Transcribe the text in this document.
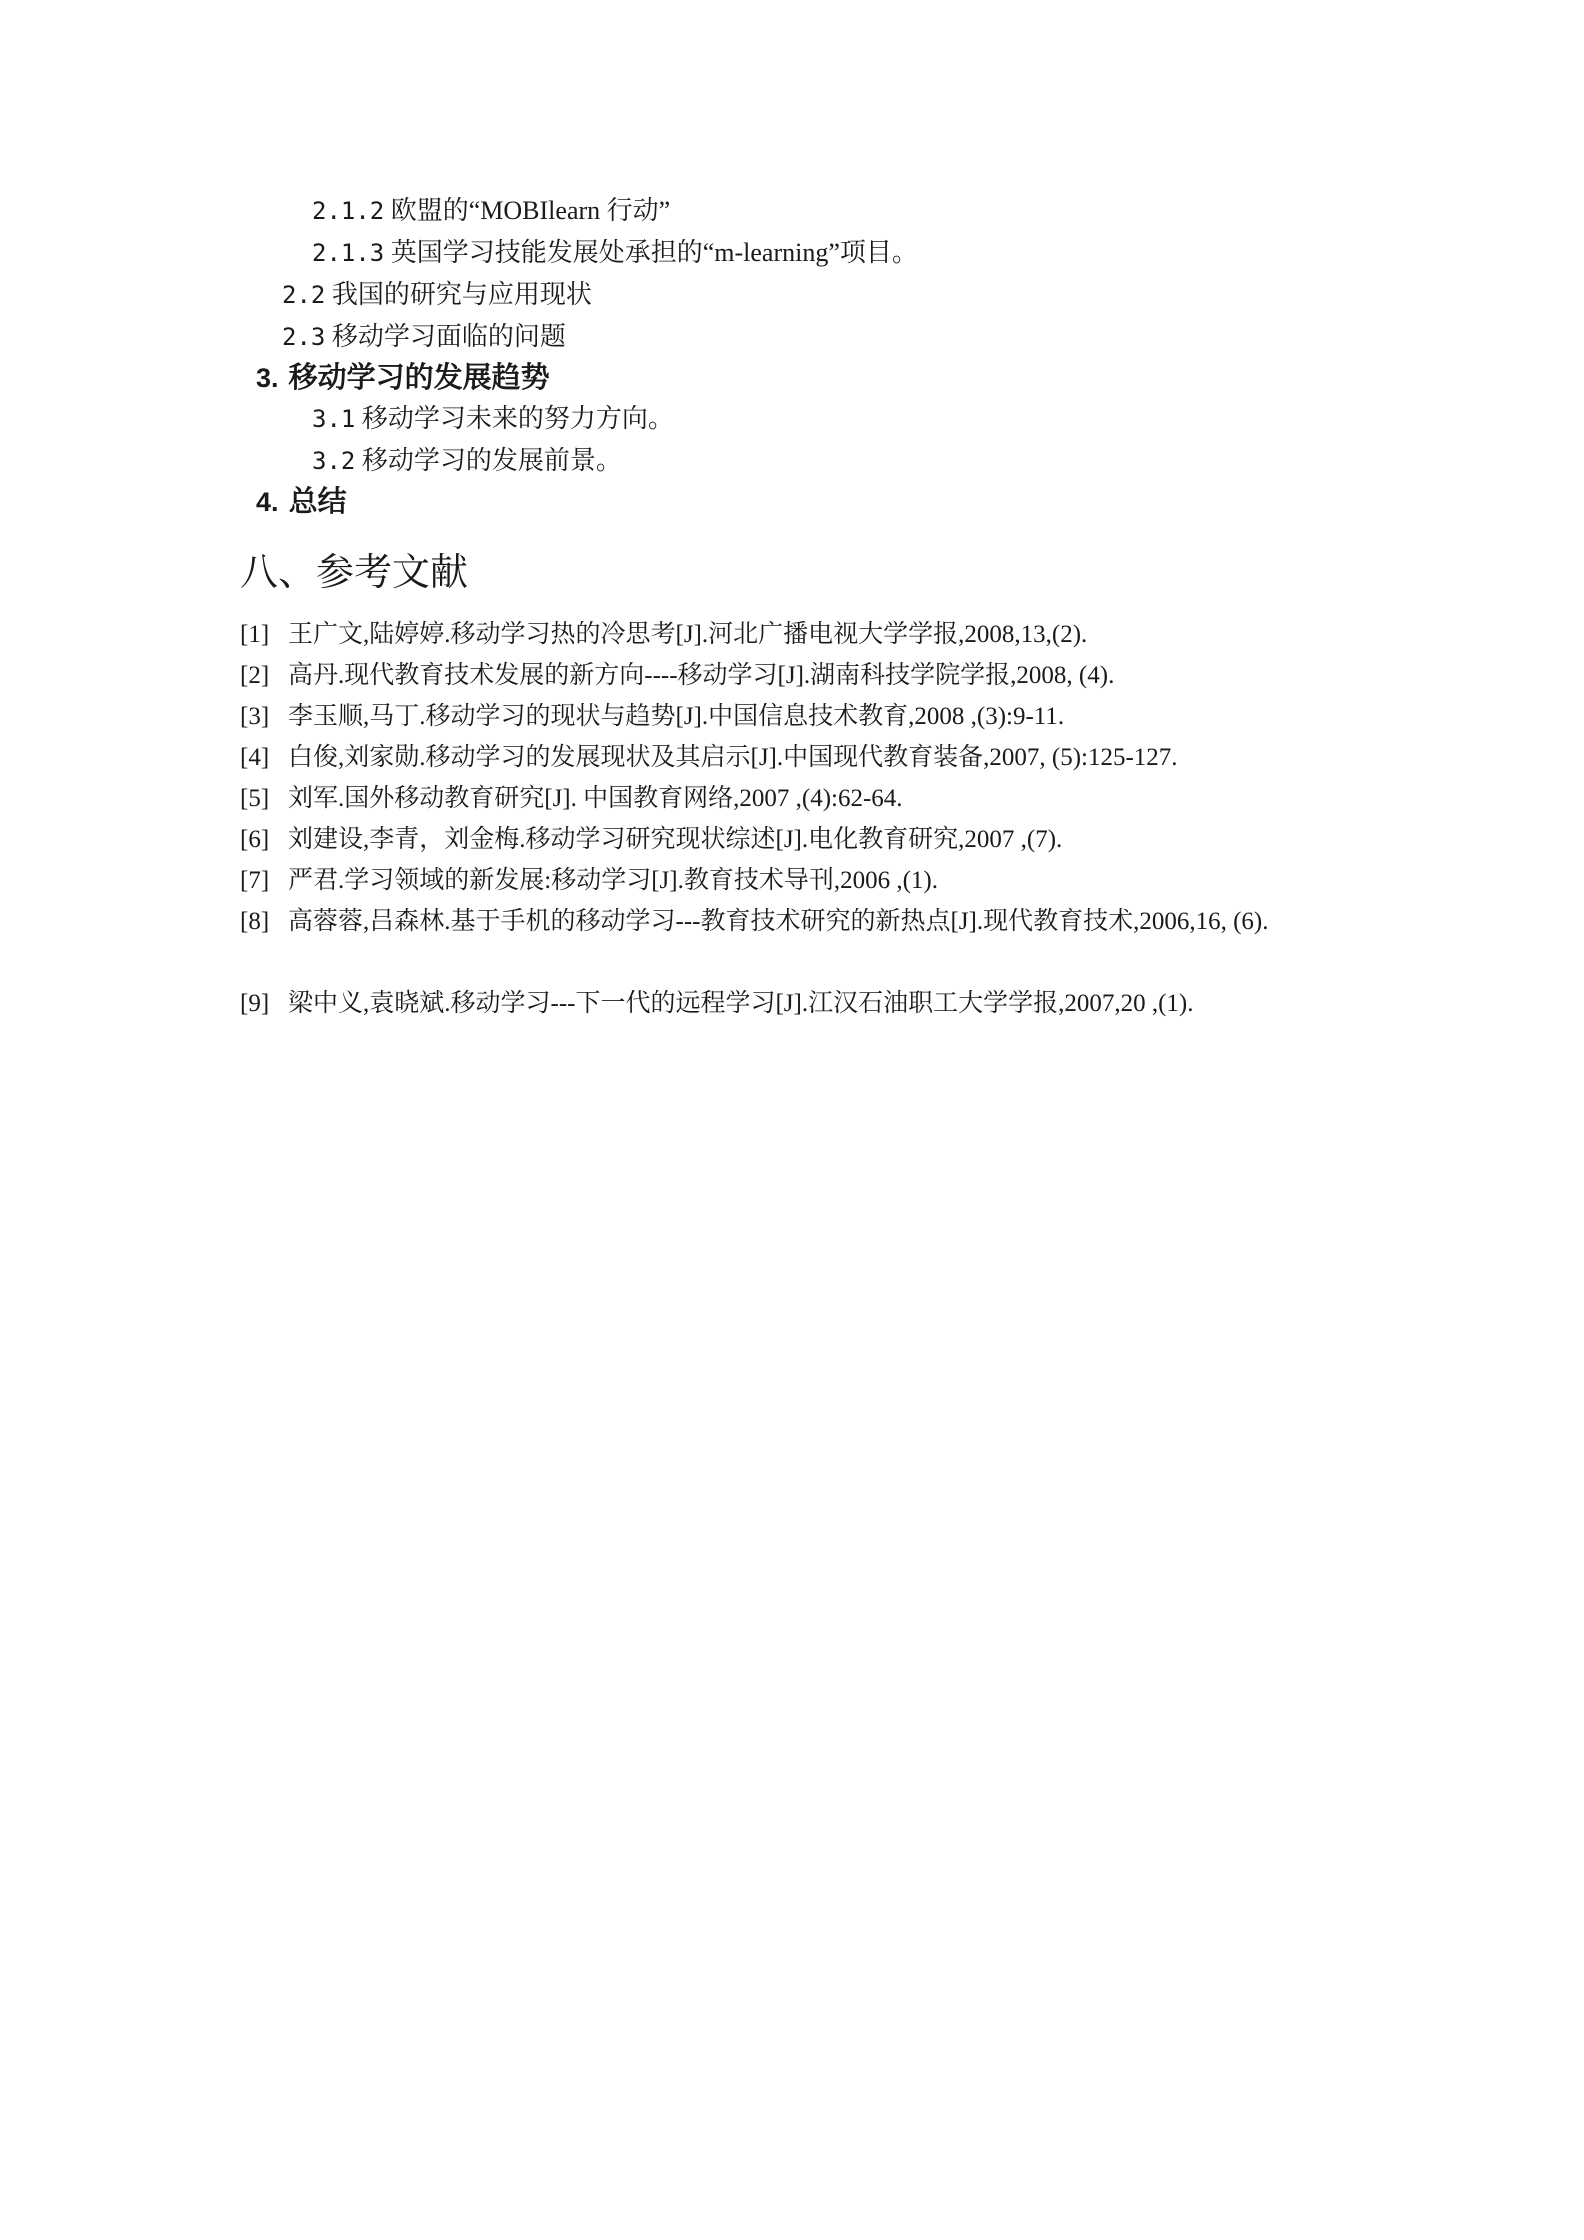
2.1.2 欧盟的“MOBIlearn 行动”
2.1.3 英国学习技能发展处承担的“m-learning”项目。
2.2 我国的研究与应用现状
2.3 移动学习面临的问题
3. 移动学习的发展趋势
3.1 移动学习未来的努力方向。
3.2 移动学习的发展前景。
4. 总结
八、参考文献
[1] 王广文,陆婷婷.移动学习热的冷思考[J].河北广播电视大学学报,2008,13,(2).
[2] 高丹.现代教育技术发展的新方向----移动学习[J].湖南科技学院学报,2008, (4).
[3] 李玉顺,马丁.移动学习的现状与趋势[J].中国信息技术教育,2008 ,(3):9-11.
[4] 白俊,刘家勋.移动学习的发展现状及其启示[J].中国现代教育装备,2007, (5):125-127.
[5] 刘军.国外移动教育研究[J]. 中国教育网络,2007 ,(4):62-64.
[6] 刘建设,李青，刘金梅.移动学习研究现状综述[J].电化教育研究,2007 ,(7).
[7] 严君.学习领域的新发展:移动学习[J].教育技术导刊,2006 ,(1).
[8] 高蓉蓉,吕森林.基于手机的移动学习---教育技术研究的新热点[J].现代教育技术,2006,16, (6).
[9] 梁中义,袁晓斌.移动学习---下一代的远程学习[J].江汉石油职工大学学报,2007,20 ,(1).
